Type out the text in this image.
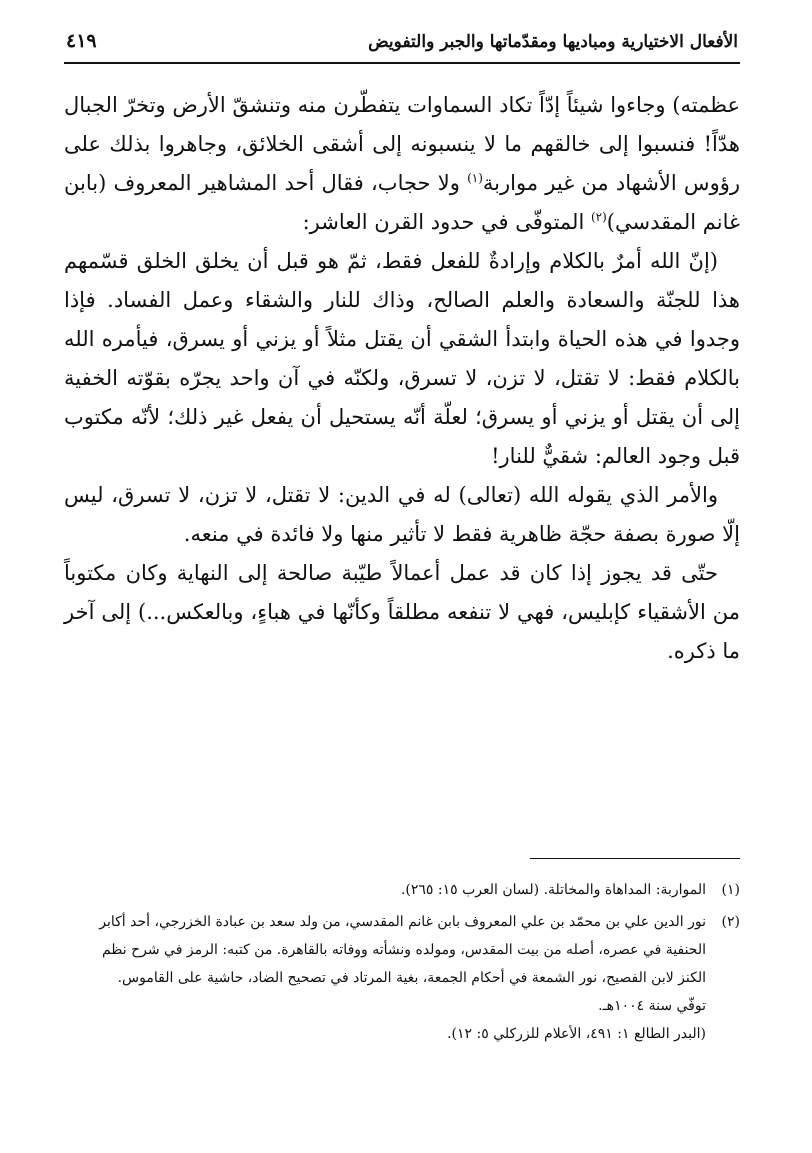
الأفعال الاختيارية ومباديها ومقدّماتها والجبر والتفويض
٤١٩

عظمته) وجاءوا شيئاً إدّاً تكاد السماوات يتفطّرن منه وتنشقّ الأرض وتخرّ الجبال هدّاً! فنسبوا إلى خالقهم ما لا ينسبونه إلى أشقى الخلائق، وجاهروا بذلك على رؤوس الأشهاد من غير مواربة$^{(١)}$ ولا حجاب، فقال أحد المشاهير المعروف (بابن غانم المقدسي)$^{(٢)}$ المتوفّى في حدود القرن العاشر:

(إنّ الله أمرٌ بالكلام وإرادةٌ للفعل فقط، ثمّ هو قبل أن يخلق الخلق قسّمهم هذا للجنّة والسعادة والعلم الصالح، وذاك للنار والشقاء وعمل الفساد. فإذا وجدوا في هذه الحياة وابتدأ الشقي أن يقتل مثلاً أو يزني أو يسرق، فيأمره الله بالكلام فقط: لا تقتل، لا تزن، لا تسرق، ولكنّه في آن واحد يجرّه بقوّته الخفية إلى أن يقتل أو يزني أو يسرق؛ لعلّة أنّه يستحيل أن يفعل غير ذلك؛ لأنّه مكتوب قبل وجود العالم: شقيٌّ للنار!

والأمر الذي يقوله الله (تعالى) له في الدين: لا تقتل، لا تزن، لا تسرق، ليس إلّا صورة بصفة حجّة ظاهرية فقط لا تأثير منها ولا فائدة في منعه.

حتّى قد يجوز إذا كان قد عمل أعمالاً طيّبة صالحة إلى النهاية وكان مكتوباً من الأشقياء كإبليس، فهي لا تنفعه مطلقاً وكأنّها في هباءٍ، وبالعكس...) إلى آخر ما ذكره.

(١)
المواربة: المداهاة والمخاتلة. (لسان العرب ١٥: ٢٦٥).
(٢)
نور الدين علي بن محمّد بن علي المعروف بابن غانم المقدسي، من ولد سعد بن عبادة الخزرجي، أحد أكابر
الحنفية في عصره، أصله من بيت المقدس، ومولده ونشأته ووفاته بالقاهرة. من كتبه: الرمز في شرح نظم
الكنز لابن الفصيح، نور الشمعة في أحكام الجمعة، بغية المرتاد في تصحيح الضاد، حاشية على القاموس.
توفّي سنة ١٠٠٤هـ.
(البدر الطالع ١: ٤٩١، الأعلام للزركلي ٥: ١٢).
